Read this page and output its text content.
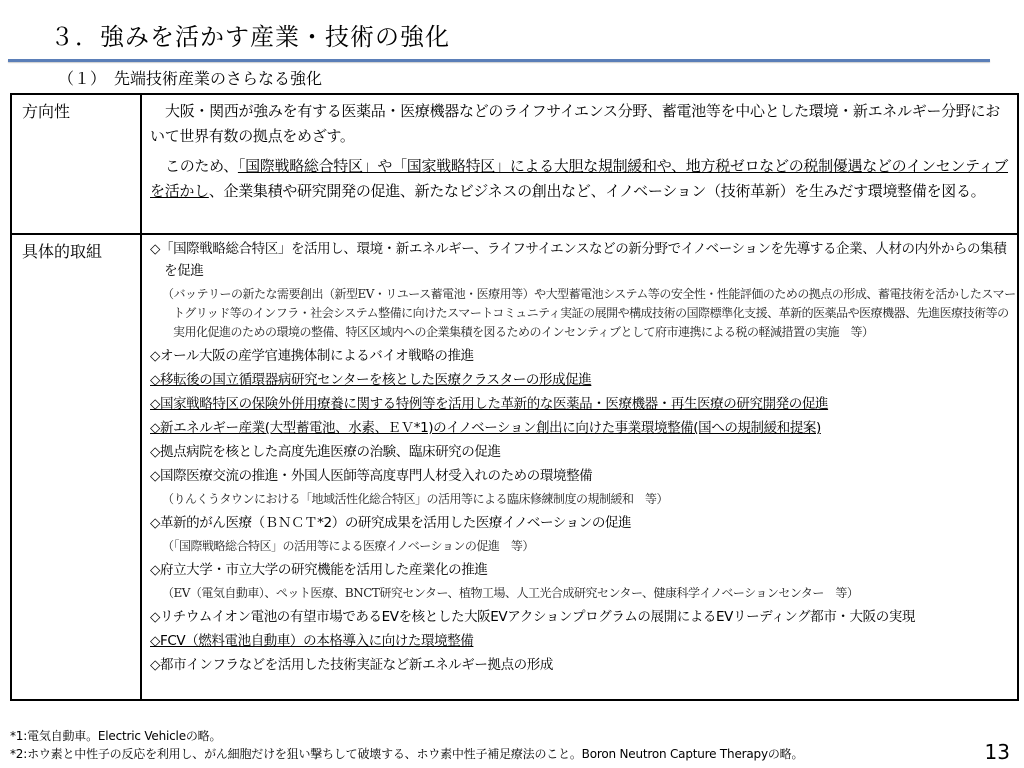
３．強みを活かす産業・技術の強化
（１）　先端技術産業のさらなる強化
方向性	大阪・関西が強みを有する医薬品・医療機器などのライフサイエンス分野、蓄電池等を中心とした環境・新エネルギー分野において世界有数の拠点をめざす。

このため、「国際戦略総合特区」や「国家戦略特区」による大胆な規制緩和や、地方税ゼロなどの税制優遇などのインセンティブを活かし、企業集積や研究開発の促進、新たなビジネスの創出など、イノベーション（技術革新）を生みだす環境整備を図る。

具体的取組	◇「国際戦略総合特区」を活用し、環境・新エネルギー、ライフサイエンスなどの新分野でイノベーションを先導する企業、人材の内外からの集積を促進
（バッテリーの新たな需要創出（新型EV・リユース蓄電池・医療用等）や大型蓄電池システム等の安全性・性能評価のための拠点の形成、蓄電技術を活かしたスマートグリッド等のインフラ・社会システム整備に向けたスマートコミュニティ実証の展開や構成技術の国際標準化支援、革新的医薬品や医療機器、先進医療技術等の実用化促進のための環境の整備、特区区域内への企業集積を図るためのインセンティブとして府市連携による税の軽減措置の実施　等）
◇オール大阪の産学官連携体制によるバイオ戦略の推進
◇移転後の国立循環器病研究センターを核とした医療クラスターの形成促進
◇国家戦略特区の保険外併用療養に関する特例等を活用した革新的な医薬品・医療機器・再生医療の研究開発の促進
◇新エネルギー産業(大型蓄電池、水素、ＥＶ*1)のイノベーション創出に向けた事業環境整備(国への規制緩和提案)
◇拠点病院を核とした高度先進医療の治験、臨床研究の促進
◇国際医療交流の推進・外国人医師等高度専門人材受入れのための環境整備
（りんくうタウンにおける「地域活性化総合特区」の活用等による臨床修練制度の規制緩和　等）
◇革新的がん医療（ＢＮＣＴ*2）の研究成果を活用した医療イノベーションの促進
（「国際戦略総合特区」の活用等による医療イノベーションの促進　等）
◇府立大学・市立大学の研究機能を活用した産業化の推進
（EV（電気自動車）、ペット医療、BNCT研究センター、植物工場、人工光合成研究センター、健康科学イノベーションセンター　等）
◇リチウムイオン電池の有望市場であるEVを核とした大阪EVアクションプログラムの展開によるEVリーディング都市・大阪の実現
◇FCV（燃料電池自動車）の本格導入に向けた環境整備
◇都市インフラなどを活用した技術実証など新エネルギー拠点の形成
*1:電気自動車。Electric Vehicleの略。
*2:ホウ素と中性子の反応を利用し、がん細胞だけを狙い撃ちして破壊する、ホウ素中性子補足療法のこと。Boron Neutron Capture Therapyの略。	13
